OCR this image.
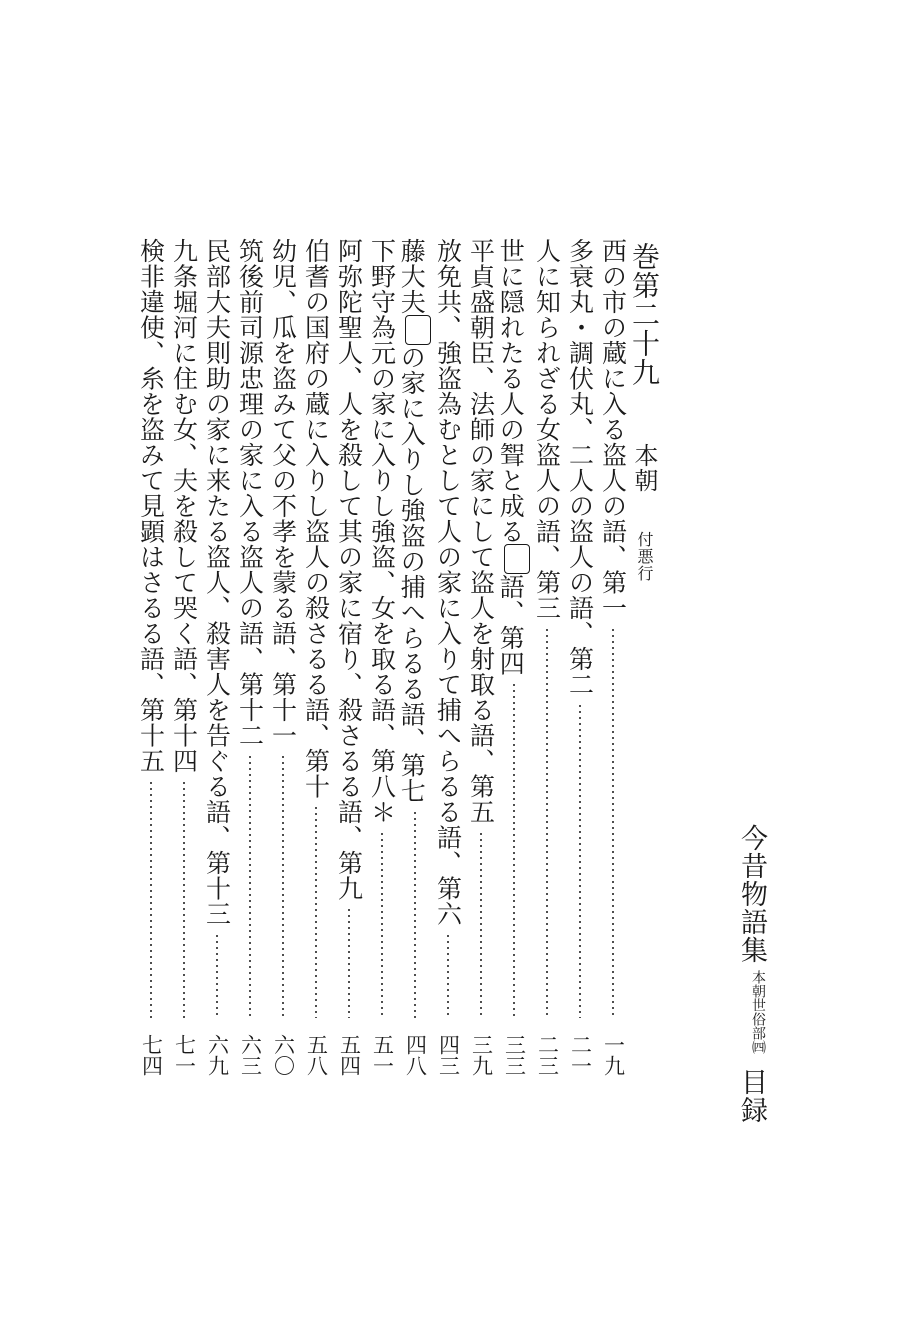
今昔物語集
本朝世俗部㈣
目録
巻第二十九 本朝 付悪行
西の市の蔵に入る盗人の語、第一
一九
多衰丸・調伏丸、二人の盗人の語、第二
二一
人に知られざる女盗人の語、第三
二三
世に隠れたる人の聟と成る語、第四
三三
平貞盛朝臣、法師の家にして盗人を射取る語、第五
三九
放免共、強盗為むとして人の家に入りて捕へらるる語、第六
四三
藤大夫の家に入りし強盗の捕へらるる語、第七
四八
下野守為元の家に入りし強盗、女を取る語、第八＊
五一
阿弥陀聖人、人を殺して其の家に宿り、殺さるる語、第九
五四
伯耆の国府の蔵に入りし盗人の殺さるる語、第十
五八
幼児、瓜を盗みて父の不孝を蒙る語、第十一
六〇
筑後前司源忠理の家に入る盗人の語、第十二
六三
民部大夫則助の家に来たる盗人、殺害人を告ぐる語、第十三
六九
九条堀河に住む女、夫を殺して哭く語、第十四
七一
検非違使、糸を盗みて見顕はさるる語、第十五
七四
